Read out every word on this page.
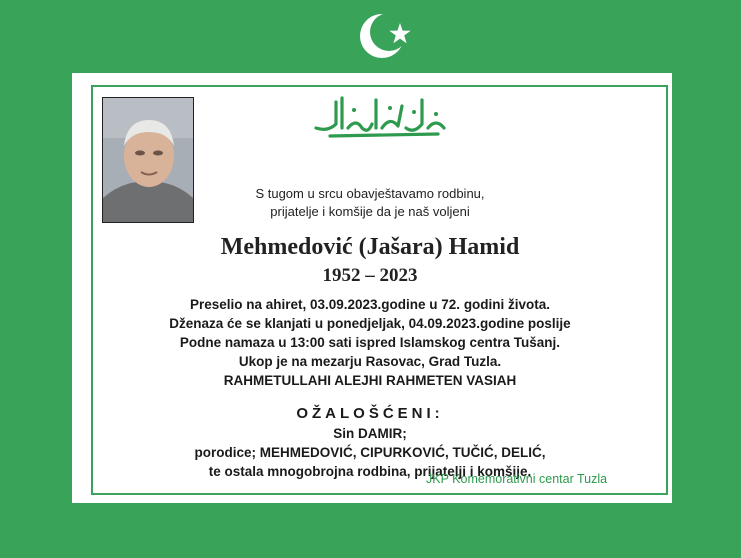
S tugom u srcu obavještavamo rodbinu,
prijatelje i komšije da je naš voljeni
Mehmedović (Jašara) Hamid
1952 – 2023
Preselio na ahiret, 03.09.2023.godine u 72. godini života.
Dženaza će se klanjati u ponedjeljak, 04.09.2023.godine poslije
Podne namaza u 13:00 sati ispred Islamskog centra Tušanj.
Ukop je na mezarju Rasovac, Grad Tuzla.
RAHMETULLAHI ALEJHI RAHMETEN VASIAH
OŽALOŠĆENI:
Sin DAMIR;
porodice; MEHMEDOVIĆ, CIPURKOVIĆ, TUČIĆ, DELIĆ,
te ostala mnogobrojna rodbina, prijatelji i komšije.
JKP Komemorativni centar Tuzla
